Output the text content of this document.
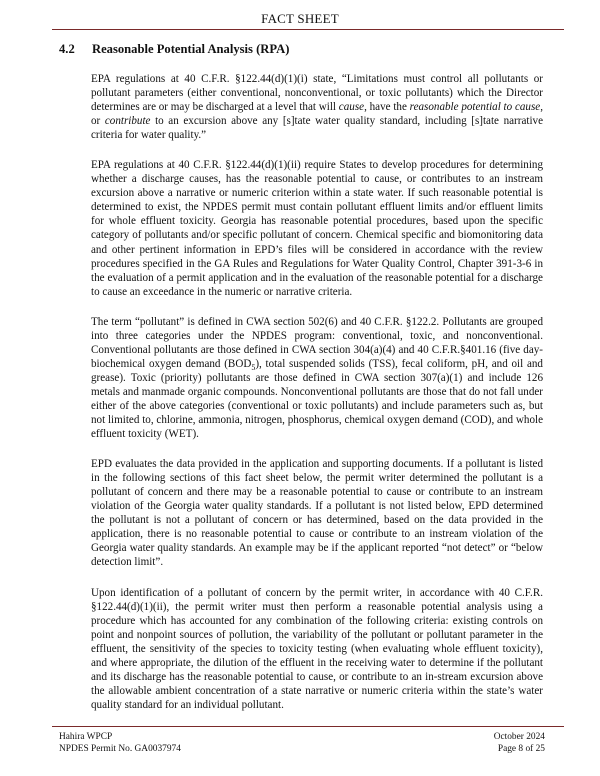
FACT SHEET
4.2 Reasonable Potential Analysis (RPA)

EPA regulations at 40 C.F.R. §122.44(d)(1)(i) state, “Limitations must control all pollutants or pollutant parameters (either conventional, nonconventional, or toxic pollutants) which the Director determines are or may be discharged at a level that will cause, have the reasonable potential to cause, or contribute to an excursion above any [s]tate water quality standard, including [s]tate narrative criteria for water quality.”

EPA regulations at 40 C.F.R. §122.44(d)(1)(ii) require States to develop procedures for determining whether a discharge causes, has the reasonable potential to cause, or contributes to an instream excursion above a narrative or numeric criterion within a state water. If such reasonable potential is determined to exist, the NPDES permit must contain pollutant effluent limits and/or effluent limits for whole effluent toxicity. Georgia has reasonable potential procedures, based upon the specific category of pollutants and/or specific pollutant of concern. Chemical specific and biomonitoring data and other pertinent information in EPD’s files will be considered in accordance with the review procedures specified in the GA Rules and Regulations for Water Quality Control, Chapter 391-3-6 in the evaluation of a permit application and in the evaluation of the reasonable potential for a discharge to cause an exceedance in the numeric or narrative criteria.

The term “pollutant” is defined in CWA section 502(6) and 40 C.F.R. §122.2. Pollutants are grouped into three categories under the NPDES program: conventional, toxic, and nonconventional. Conventional pollutants are those defined in CWA section 304(a)(4) and 40 C.F.R.§401.16 (five day-biochemical oxygen demand $(BOD_5)$, total suspended solids (TSS), fecal coliform, pH, and oil and grease). Toxic (priority) pollutants are those defined in CWA section 307(a)(1) and include 126 metals and manmade organic compounds. Nonconventional pollutants are those that do not fall under either of the above categories (conventional or toxic pollutants) and include parameters such as, but not limited to, chlorine, ammonia, nitrogen, phosphorus, chemical oxygen demand (COD), and whole effluent toxicity (WET).

EPD evaluates the data provided in the application and supporting documents. If a pollutant is listed in the following sections of this fact sheet below, the permit writer determined the pollutant is a pollutant of concern and there may be a reasonable potential to cause or contribute to an instream violation of the Georgia water quality standards. If a pollutant is not listed below, EPD determined the pollutant is not a pollutant of concern or has determined, based on the data provided in the application, there is no reasonable potential to cause or contribute to an instream violation of the Georgia water quality standards. An example may be if the applicant reported “not detect” or “below detection limit”.

Upon identification of a pollutant of concern by the permit writer, in accordance with 40 C.F.R. §122.44(d)(1)(ii), the permit writer must then perform a reasonable potential analysis using a procedure which has accounted for any combination of the following criteria: existing controls on point and nonpoint sources of pollution, the variability of the pollutant or pollutant parameter in the effluent, the sensitivity of the species to toxicity testing (when evaluating whole effluent toxicity), and where appropriate, the dilution of the effluent in the receiving water to determine if the pollutant and its discharge has the reasonable potential to cause, or contribute to an in-stream excursion above the allowable ambient concentration of a state narrative or numeric criteria within the state’s water quality standard for an individual pollutant.

Hahira WPCP	October 2024
NPDES Permit No. GA0037974	Page 8 of 25
